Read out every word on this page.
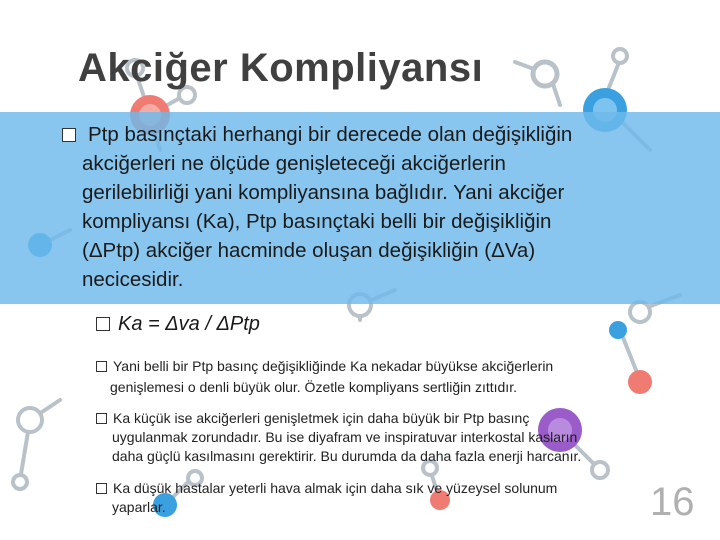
Akciğer Kompliyansı
Ptp basınçtaki herhangi bir derecede olan değişikliğin
akciğerleri ne ölçüde genişleteceği akciğerlerin
gerilebilirliği yani kompliyansına bağlıdır. Yani akciğer
kompliyansı (Ka), Ptp basınçtaki belli bir değişikliğin
(ΔPtp) akciğer hacminde oluşan değişikliğin (ΔVa)
necicesidir.
Ka = Δva / ΔPtp
Yani belli bir Ptp basınç değişikliğinde Ka nekadar büyükse akciğerlerin
genişlemesi o denli büyük olur. Özetle kompliyans sertliğin zıttıdır.
Ka küçük ise akciğerleri genişletmek için daha büyük bir Ptp basınç
uygulanmak zorundadır. Bu ise diyafram ve inspiratuvar interkostal kasların
daha güçlü kasılmasını gerektirir. Bu durumda da daha fazla enerji harcanır.
Ka düşük hastalar yeterli hava almak için daha sık ve yüzeysel solunum
yaparlar.	16
